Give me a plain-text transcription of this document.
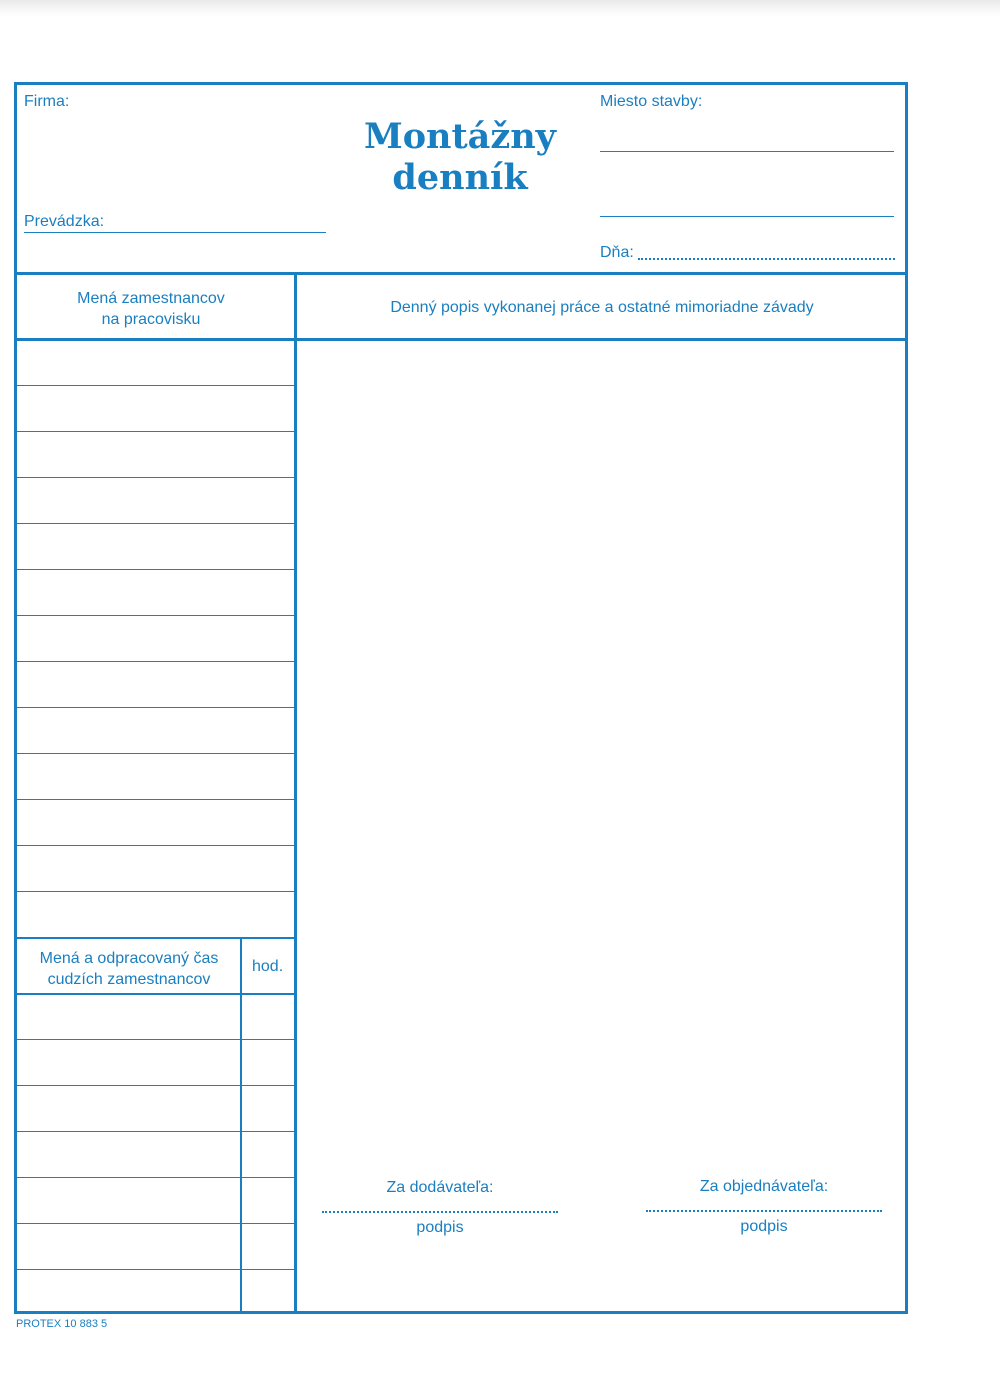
Firma:
Prevádzka:
Montážny
denník
Miesto stavby:
Dňa:
Mená zamestnancov
na pracovisku
Denný popis vykonanej práce a ostatné mimoriadne závady
Mená a odpracovaný čas
cudzích zamestnancov
hod.
Za dodávateľa:
podpis
Za objednávateľa:
podpis
PROTEX 10 883 5
